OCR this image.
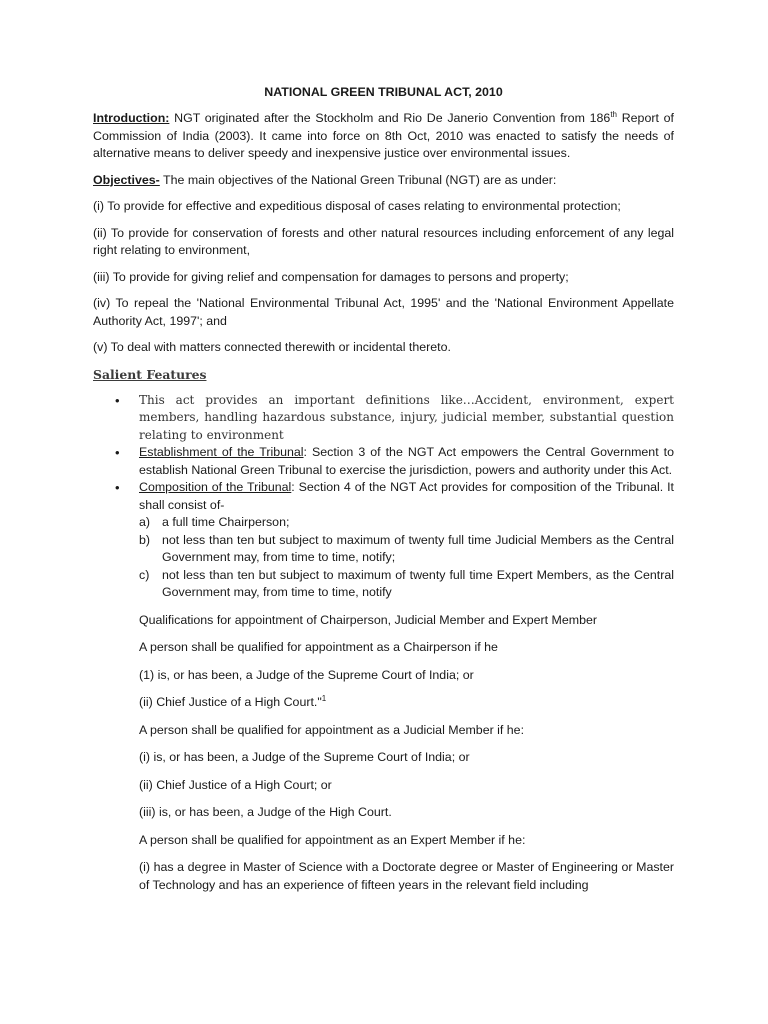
NATIONAL GREEN TRIBUNAL ACT, 2010

Introduction: NGT originated after the Stockholm and Rio De Janerio Convention from 186th Report of Commission of India (2003). It came into force on 8th Oct, 2010 was enacted to satisfy the needs of alternative means to deliver speedy and inexpensive justice over environmental issues.

Objectives- The main objectives of the National Green Tribunal (NGT) are as under:

(i) To provide for effective and expeditious disposal of cases relating to environmental protection;

(ii) To provide for conservation of forests and other natural resources including enforcement of any legal right relating to environment,

(iii) To provide for giving relief and compensation for damages to persons and property;

(iv) To repeal the 'National Environmental Tribunal Act, 1995' and the 'National Environment Appellate Authority Act, 1997'; and

(v) To deal with matters connected therewith or incidental thereto.

Salient Features
• This act provides an important definitions like…Accident, environment, expert members, handling hazardous substance, injury, judicial member, substantial question relating to environment
• Establishment of the Tribunal: Section 3 of the NGT Act empowers the Central Government to establish National Green Tribunal to exercise the jurisdiction, powers and authority under this Act.
• Composition of the Tribunal: Section 4 of the NGT Act provides for composition of the Tribunal. It shall consist of-
a) a full time Chairperson;
b) not less than ten but subject to maximum of twenty full time Judicial Members as the Central Government may, from time to time, notify;
c) not less than ten but subject to maximum of twenty full time Expert Members, as the Central Government may, from time to time, notify

Qualifications for appointment of Chairperson, Judicial Member and Expert Member

A person shall be qualified for appointment as a Chairperson if he

(1) is, or has been, a Judge of the Supreme Court of India; or

(ii) Chief Justice of a High Court."$^1$

A person shall be qualified for appointment as a Judicial Member if he:

(i) is, or has been, a Judge of the Supreme Court of India; or

(ii) Chief Justice of a High Court; or

(iii) is, or has been, a Judge of the High Court.

A person shall be qualified for appointment as an Expert Member if he:

(i) has a degree in Master of Science with a Doctorate degree or Master of Engineering or Master of Technology and has an experience of fifteen years in the relevant field including
